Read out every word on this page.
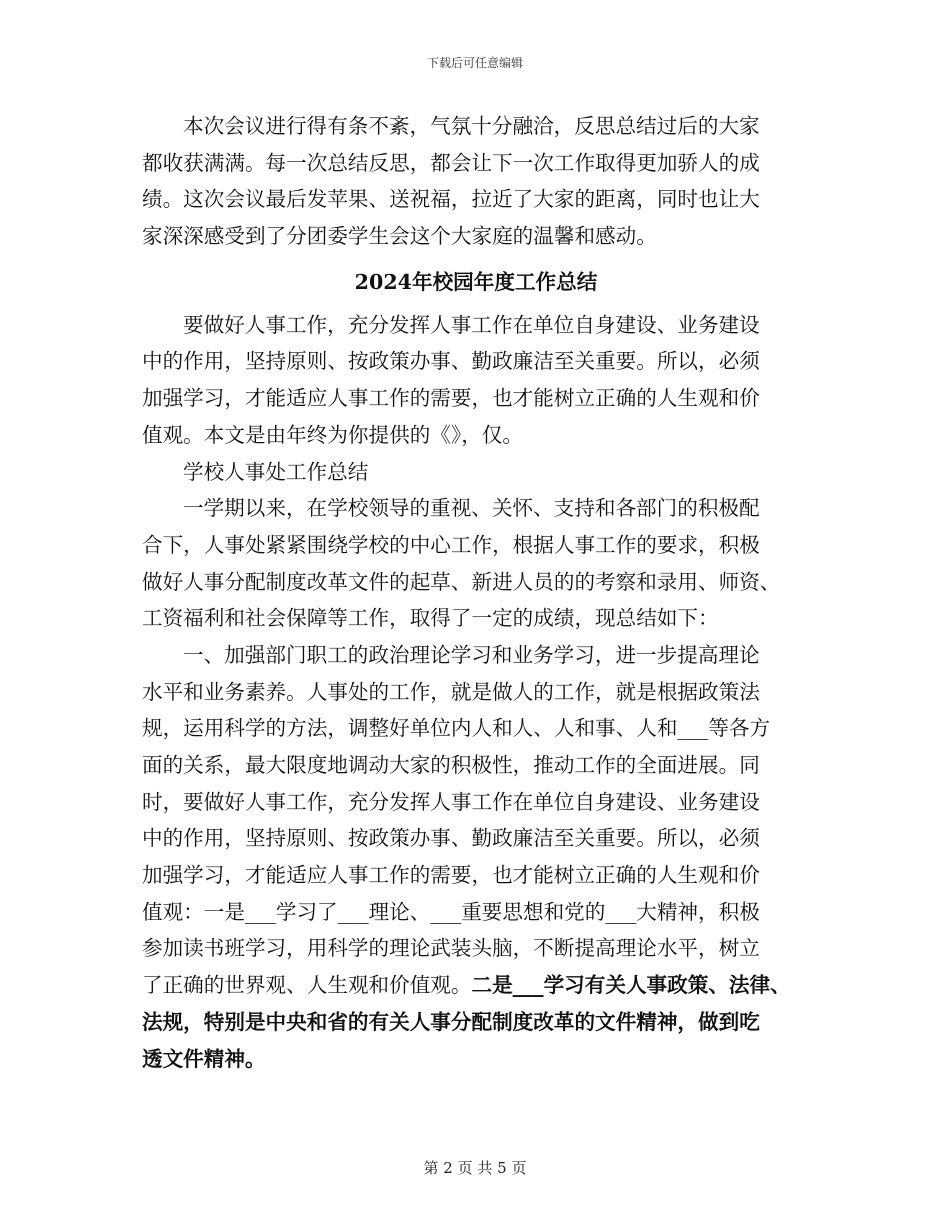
下载后可任意编辑
本次会议进行得有条不紊，气氛十分融洽，反思总结过后的大家
都收获满满。每一次总结反思，都会让下一次工作取得更加骄人的成
绩。这次会议最后发苹果、送祝福，拉近了大家的距离，同时也让大
家深深感受到了分团委学生会这个大家庭的温馨和感动。
2024年校园年度工作总结
要做好人事工作，充分发挥人事工作在单位自身建设、业务建设
中的作用，坚持原则、按政策办事、勤政廉洁至关重要。所以，必须
加强学习，才能适应人事工作的需要，也才能树立正确的人生观和价
值观。本文是由年终为你提供的《》，仅。
学校人事处工作总结
一学期以来，在学校领导的重视、关怀、支持和各部门的积极配
合下，人事处紧紧围绕学校的中心工作，根据人事工作的要求，积极
做好人事分配制度改革文件的起草、新进人员的的考察和录用、师资、
工资福利和社会保障等工作，取得了一定的成绩，现总结如下：
一、加强部门职工的政治理论学习和业务学习，进一步提高理论
水平和业务素养。人事处的工作，就是做人的工作，就是根据政策法
规，运用科学的方法，调整好单位内人和人、人和事、人和___等各方
面的关系，最大限度地调动大家的积极性，推动工作的全面进展。同
时，要做好人事工作，充分发挥人事工作在单位自身建设、业务建设
中的作用，坚持原则、按政策办事、勤政廉洁至关重要。所以，必须
加强学习，才能适应人事工作的需要，也才能树立正确的人生观和价
值观：一是___学习了___理论、___重要思想和党的___大精神，积极
参加读书班学习，用科学的理论武装头脑，不断提高理论水平，树立
了正确的世界观、人生观和价值观。二是___学习有关人事政策、法律、
法规，特别是中央和省的有关人事分配制度改革的文件精神，做到吃
透文件精神。
第 2 页 共 5 页
